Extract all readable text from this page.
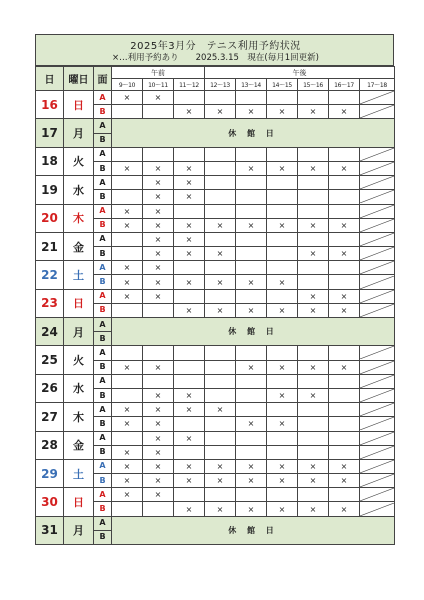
2025年3月分　テニス利用予約状況
×…利用予約あり　　2025.3.15　現在(毎月1回更新)
日	曜日	面	午前			午後					
			9～10	10～11	11～12	12～13	13～14	14～15	15～16	16～17	17～18
16	日	A	×	×							

		B			×	×	×	×	×	×	

17	月	A	休 館 日								
		B									
18	火	A									

		B	×	×	×		×	×	×	×	

19	水	A		×	×						

		B		×	×						

20	木	A	×	×							

		B	×	×	×	×	×	×	×	×	

21	金	A		×	×						

		B		×	×	×			×	×	

22	土	A	×	×							

		B	×	×	×	×	×	×			

23	日	A	×	×					×	×	

		B			×	×	×	×	×	×	

24	月	A	休 館 日								
		B									
25	火	A									

		B	×	×			×	×	×	×	

26	水	A									

		B		×	×			×	×		

27	木	A	×	×	×	×					

		B	×	×			×	×			

28	金	A		×	×						

		B	×	×							

29	土	A	×	×	×	×	×	×	×	×	

		B	×	×	×	×	×	×	×	×	

30	日	A	×	×							

		B			×	×	×	×	×	×	

31	月	A	休 館 日								
		B									
